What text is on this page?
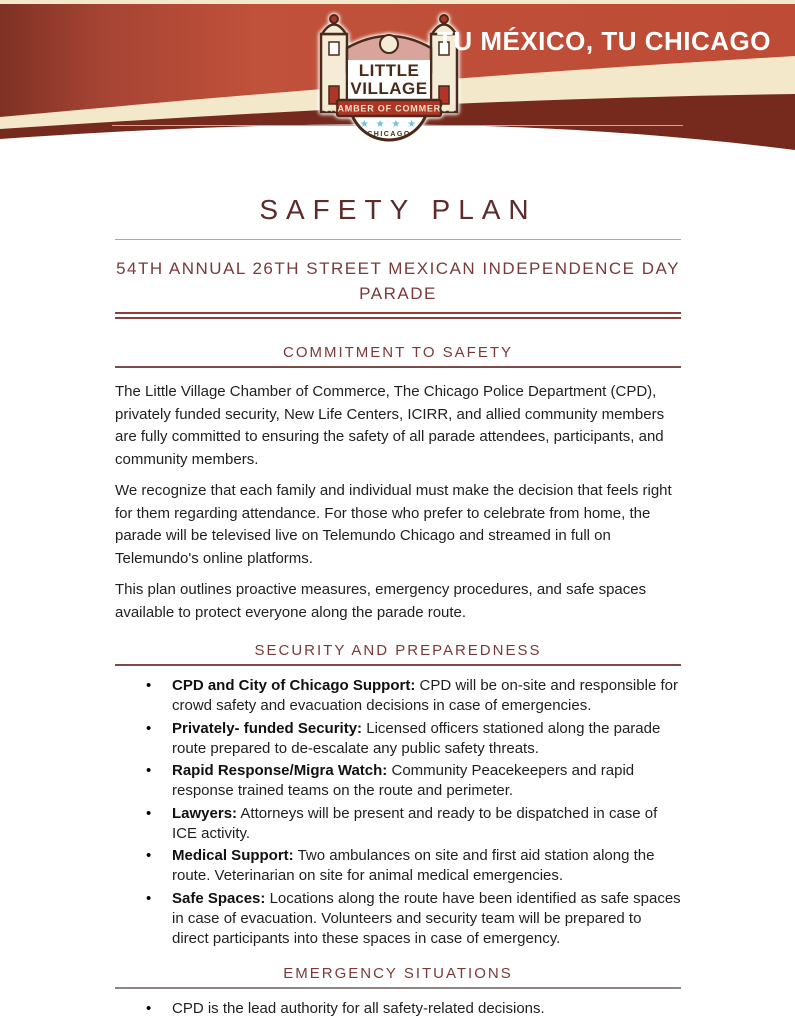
LITTLE
VILLAGE
CHAMBER OF COMMERCE
★ ★ ★ ★
CHICAGO
TU MÉXICO, TU CHICAGO
SAFETY PLAN
54TH ANNUAL 26TH STREET MEXICAN INDEPENDENCE DAY
PARADE
COMMITMENT TO SAFETY

The Little Village Chamber of Commerce, The Chicago Police Department (CPD), privately funded security, New Life Centers, ICIRR, and allied community members are fully committed to ensuring the safety of all parade attendees, participants, and community members.

We recognize that each family and individual must make the decision that feels right for them regarding attendance. For those who prefer to celebrate from home, the parade will be televised live on Telemundo Chicago and streamed in full on Telemundo's online platforms.

This plan outlines proactive measures, emergency procedures, and safe spaces available to protect everyone along the parade route.

SECURITY AND PREPAREDNESS
• CPD and City of Chicago Support: CPD will be on-site and responsible for crowd safety and evacuation decisions in case of emergencies.
• Privately- funded Security: Licensed officers stationed along the parade route prepared to de-escalate any public safety threats.
• Rapid Response/Migra Watch: Community Peacekeepers and rapid response trained teams on the route and perimeter.
• Lawyers: Attorneys will be present and ready to be dispatched in case of ICE activity.
• Medical Support: Two ambulances on site and first aid station along the route. Veterinarian on site for animal medical emergencies.
• Safe Spaces: Locations along the route have been identified as safe spaces in case of evacuation. Volunteers and security team will be prepared to direct participants into these spaces in case of emergency.
EMERGENCY SITUATIONS
• CPD is the lead authority for all safety-related decisions.
